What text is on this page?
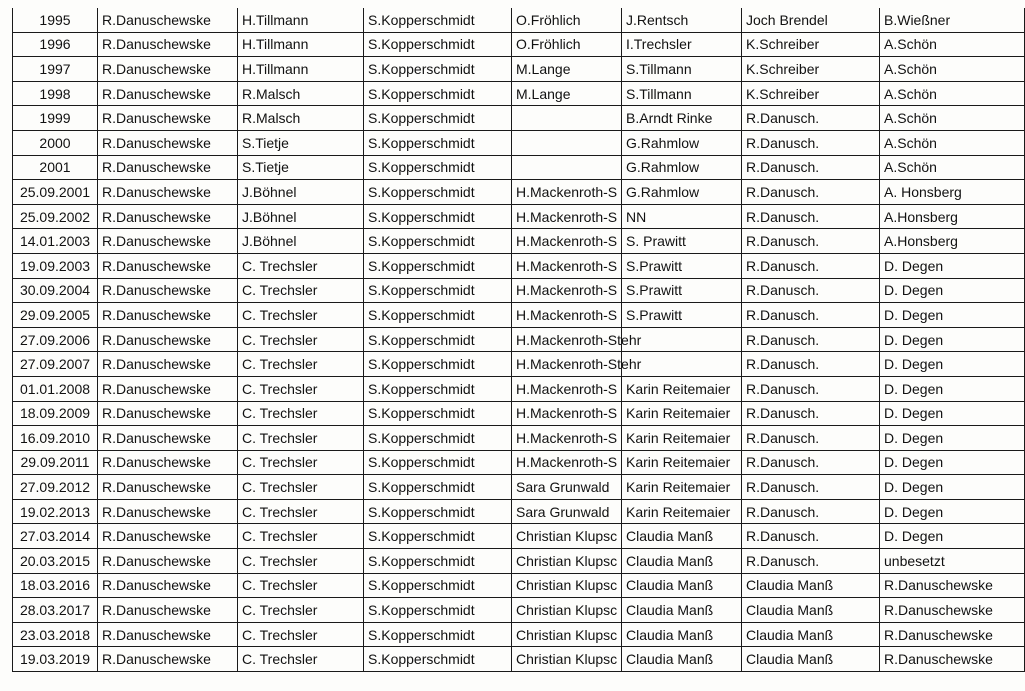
1995	R.Danuschewske	H.Tillmann	S.Kopperschmidt	O.Fröhlich	J.Rentsch	Joch Brendel	B.Wießner
1996	R.Danuschewske	H.Tillmann	S.Kopperschmidt	O.Fröhlich	I.Trechsler	K.Schreiber	A.Schön
1997	R.Danuschewske	H.Tillmann	S.Kopperschmidt	M.Lange	S.Tillmann	K.Schreiber	A.Schön
1998	R.Danuschewske	R.Malsch	S.Kopperschmidt	M.Lange	S.Tillmann	K.Schreiber	A.Schön
1999	R.Danuschewske	R.Malsch	S.Kopperschmidt		B.Arndt Rinke	R.Danusch.	A.Schön
2000	R.Danuschewske	S.Tietje	S.Kopperschmidt		G.Rahmlow	R.Danusch.	A.Schön
2001	R.Danuschewske	S.Tietje	S.Kopperschmidt		G.Rahmlow	R.Danusch.	A.Schön
25.09.2001	R.Danuschewske	J.Böhnel	S.Kopperschmidt	H.Mackenroth-S	G.Rahmlow	R.Danusch.	A. Honsberg
25.09.2002	R.Danuschewske	J.Böhnel	S.Kopperschmidt	H.Mackenroth-S	NN	R.Danusch.	A.Honsberg
14.01.2003	R.Danuschewske	J.Böhnel	S.Kopperschmidt	H.Mackenroth-S	S. Prawitt	R.Danusch.	A.Honsberg
19.09.2003	R.Danuschewske	C. Trechsler	S.Kopperschmidt	H.Mackenroth-S	S.Prawitt	R.Danusch.	D. Degen
30.09.2004	R.Danuschewske	C. Trechsler	S.Kopperschmidt	H.Mackenroth-S	S.Prawitt	R.Danusch.	D. Degen
29.09.2005	R.Danuschewske	C. Trechsler	S.Kopperschmidt	H.Mackenroth-S	S.Prawitt	R.Danusch.	D. Degen
27.09.2006	R.Danuschewske	C. Trechsler	S.Kopperschmidt	H.Mackenroth-Stehr		R.Danusch.	D. Degen
27.09.2007	R.Danuschewske	C. Trechsler	S.Kopperschmidt	H.Mackenroth-Stehr		R.Danusch.	D. Degen
01.01.2008	R.Danuschewske	C. Trechsler	S.Kopperschmidt	H.Mackenroth-S	Karin Reitemaier	R.Danusch.	D. Degen
18.09.2009	R.Danuschewske	C. Trechsler	S.Kopperschmidt	H.Mackenroth-S	Karin Reitemaier	R.Danusch.	D. Degen
16.09.2010	R.Danuschewske	C. Trechsler	S.Kopperschmidt	H.Mackenroth-S	Karin Reitemaier	R.Danusch.	D. Degen
29.09.2011	R.Danuschewske	C. Trechsler	S.Kopperschmidt	H.Mackenroth-S	Karin Reitemaier	R.Danusch.	D. Degen
27.09.2012	R.Danuschewske	C. Trechsler	S.Kopperschmidt	Sara Grunwald	Karin Reitemaier	R.Danusch.	D. Degen
19.02.2013	R.Danuschewske	C. Trechsler	S.Kopperschmidt	Sara Grunwald	Karin Reitemaier	R.Danusch.	D. Degen
27.03.2014	R.Danuschewske	C. Trechsler	S.Kopperschmidt	Christian Klupsc	Claudia Manß	R.Danusch.	D. Degen
20.03.2015	R.Danuschewske	C. Trechsler	S.Kopperschmidt	Christian Klupsc	Claudia Manß	R.Danusch.	unbesetzt
18.03.2016	R.Danuschewske	C. Trechsler	S.Kopperschmidt	Christian Klupsc	Claudia Manß	Claudia Manß	R.Danuschewske
28.03.2017	R.Danuschewske	C. Trechsler	S.Kopperschmidt	Christian Klupsc	Claudia Manß	Claudia Manß	R.Danuschewske
23.03.2018	R.Danuschewske	C. Trechsler	S.Kopperschmidt	Christian Klupsc	Claudia Manß	Claudia Manß	R.Danuschewske
19.03.2019	R.Danuschewske	C. Trechsler	S.Kopperschmidt	Christian Klupsc	Claudia Manß	Claudia Manß	R.Danuschewske
